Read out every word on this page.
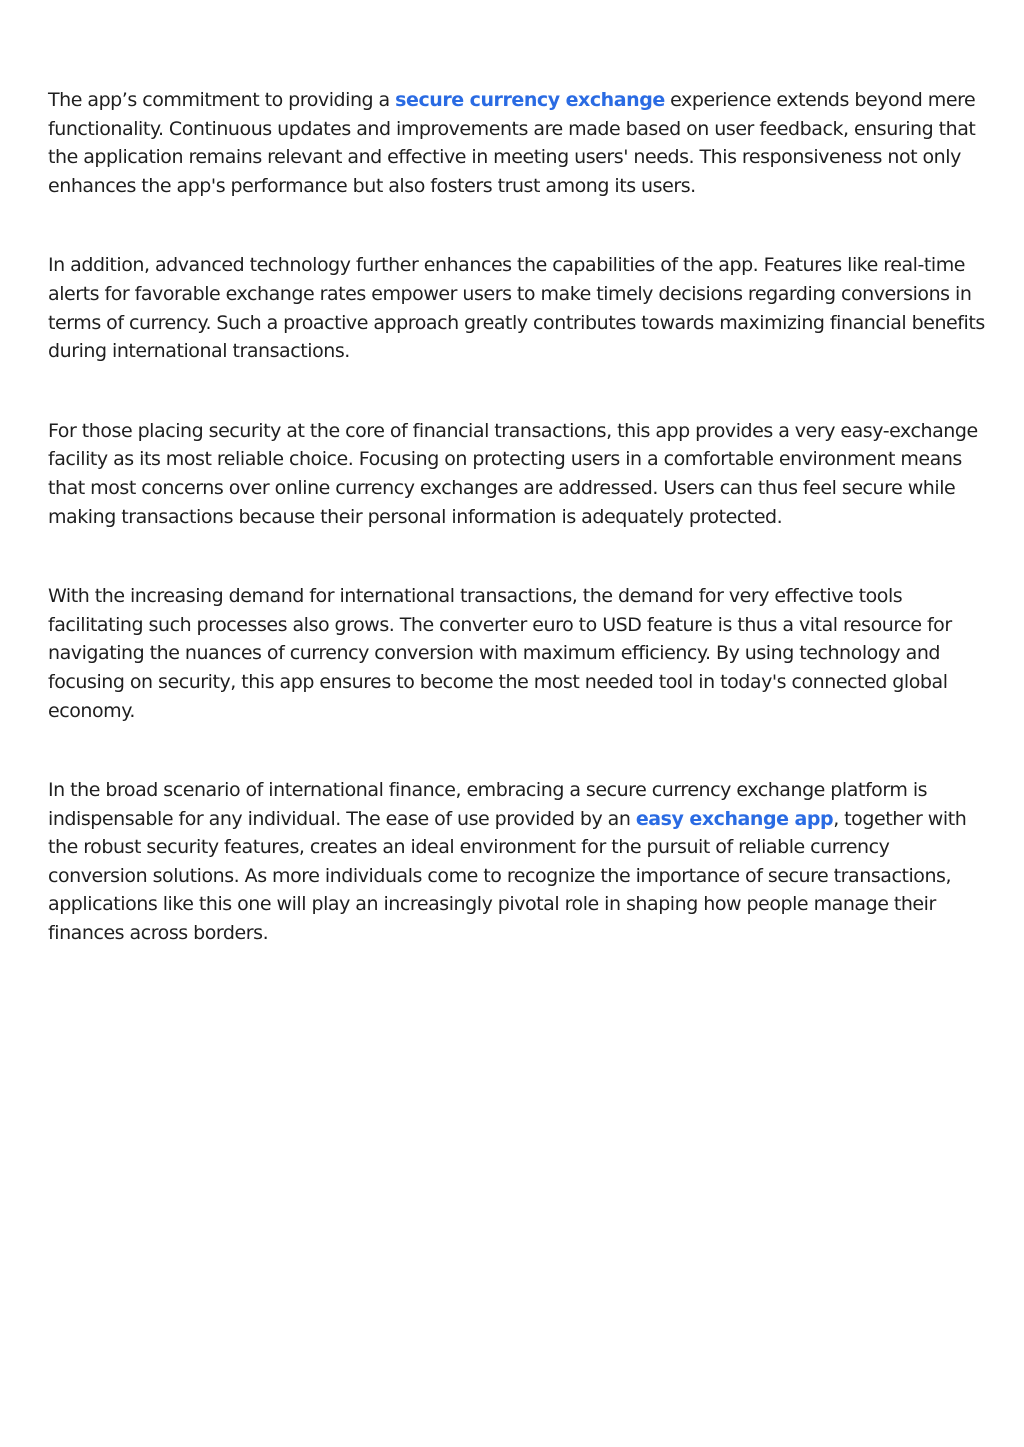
The app’s commitment to providing a secure currency exchange experience extends beyond mere functionality. Continuous updates and improvements are made based on user feedback, ensuring that the application remains relevant and effective in meeting users' needs. This responsiveness not only enhances the app's performance but also fosters trust among its users.

In addition, advanced technology further enhances the capabilities of the app. Features like real-time alerts for favorable exchange rates empower users to make timely decisions regarding conversions in terms of currency. Such a proactive approach greatly contributes towards maximizing financial benefits during international transactions.

For those placing security at the core of financial transactions, this app provides a very easy-exchange facility as its most reliable choice. Focusing on protecting users in a comfortable environment means that most concerns over online currency exchanges are addressed. Users can thus feel secure while making transactions because their personal information is adequately protected.

With the increasing demand for international transactions, the demand for very effective tools facilitating such processes also grows. The converter euro to USD feature is thus a vital resource for navigating the nuances of currency conversion with maximum efficiency. By using technology and focusing on security, this app ensures to become the most needed tool in today's connected global economy.

In the broad scenario of international finance, embracing a secure currency exchange platform is indispensable for any individual. The ease of use provided by an easy exchange app, together with the robust security features, creates an ideal environment for the pursuit of reliable currency conversion solutions. As more individuals come to recognize the importance of secure transactions, applications like this one will play an increasingly pivotal role in shaping how people manage their finances across borders.
